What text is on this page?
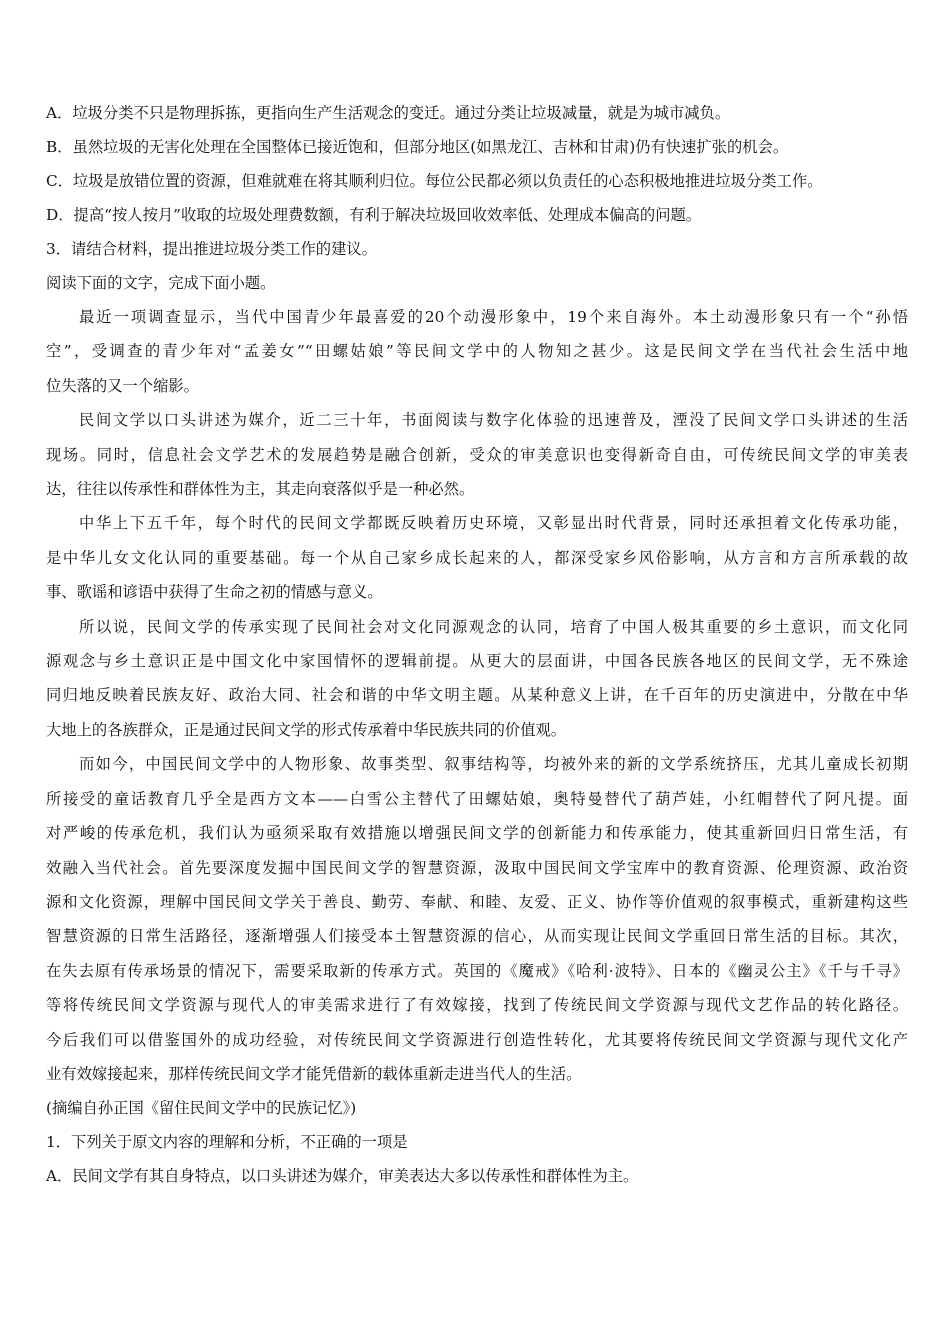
A．垃圾分类不只是物理拆拣，更指向生产生活观念的变迁。通过分类让垃圾减量，就是为城市减负。
B．虽然垃圾的无害化处理在全国整体已接近饱和，但部分地区(如黑龙江、吉林和甘肃)仍有快速扩张的机会。
C．垃圾是放错位置的资源，但难就难在将其顺利归位。每位公民都必须以负责任的心态积极地推进垃圾分类工作。
D．提高“按人按月”收取的垃圾处理费数额，有利于解决垃圾回收效率低、处理成本偏高的问题。
3．请结合材料，提出推进垃圾分类工作的建议。
阅读下面的文字，完成下面小题。

最近一项调查显示，当代中国青少年最喜爱的20个动漫形象中，19个来自海外。本土动漫形象只有一个“孙悟

空”，受调查的青少年对“孟姜女”“田螺姑娘”等民间文学中的人物知之甚少。这是民间文学在当代社会生活中地

位失落的又一个缩影。

民间文学以口头讲述为媒介，近二三十年，书面阅读与数字化体验的迅速普及，湮没了民间文学口头讲述的生活

现场。同时，信息社会文学艺术的发展趋势是融合创新，受众的审美意识也变得新奇自由，可传统民间文学的审美表

达，往往以传承性和群体性为主，其走向衰落似乎是一种必然。

中华上下五千年，每个时代的民间文学都既反映着历史环境，又彰显出时代背景，同时还承担着文化传承功能，

是中华儿女文化认同的重要基础。每一个从自己家乡成长起来的人，都深受家乡风俗影响，从方言和方言所承载的故

事、歌谣和谚语中获得了生命之初的情感与意义。

所以说，民间文学的传承实现了民间社会对文化同源观念的认同，培育了中国人极其重要的乡土意识，而文化同

源观念与乡土意识正是中国文化中家国情怀的逻辑前提。从更大的层面讲，中国各民族各地区的民间文学，无不殊途

同归地反映着民族友好、政治大同、社会和谐的中华文明主题。从某种意义上讲，在千百年的历史演进中，分散在中华

大地上的各族群众，正是通过民间文学的形式传承着中华民族共同的价值观。

而如今，中国民间文学中的人物形象、故事类型、叙事结构等，均被外来的新的文学系统挤压，尤其儿童成长初期

所接受的童话教育几乎全是西方文本——白雪公主替代了田螺姑娘，奥特曼替代了葫芦娃，小红帽替代了阿凡提。面

对严峻的传承危机，我们认为亟须采取有效措施以增强民间文学的创新能力和传承能力，使其重新回归日常生活，有

效融入当代社会。首先要深度发掘中国民间文学的智慧资源，汲取中国民间文学宝库中的教育资源、伦理资源、政治资

源和文化资源，理解中国民间文学关于善良、勤劳、奉献、和睦、友爱、正义、协作等价值观的叙事模式，重新建构这些

智慧资源的日常生活路径，逐渐增强人们接受本土智慧资源的信心，从而实现让民间文学重回日常生活的目标。其次，

在失去原有传承场景的情况下，需要采取新的传承方式。英国的《魔戒》《哈利·波特》、日本的《幽灵公主》《千与千寻》

等将传统民间文学资源与现代人的审美需求进行了有效嫁接，找到了传统民间文学资源与现代文艺作品的转化路径。

今后我们可以借鉴国外的成功经验，对传统民间文学资源进行创造性转化，尤其要将传统民间文学资源与现代文化产

业有效嫁接起来，那样传统民间文学才能凭借新的载体重新走进当代人的生活。

(摘编自孙正国《留住民间文学中的民族记忆》)
1．下列关于原文内容的理解和分析，不正确的一项是
A．民间文学有其自身特点，以口头讲述为媒介，审美表达大多以传承性和群体性为主。
